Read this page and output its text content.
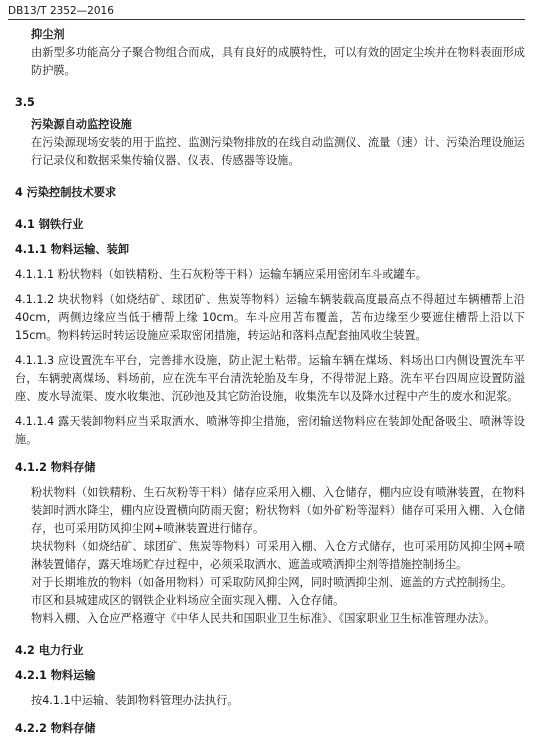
DB13/T 2352—2016

抑尘剂

由新型多功能高分子聚合物组合而成，具有良好的成膜特性，可以有效的固定尘埃并在物料表面形成防护膜。

3.5

污染源自动监控设施

在污染源现场安装的用于监控、监测污染物排放的在线自动监测仪、流量（速）计、污染治理设施运行记录仪和数据采集传输仪器、仪表、传感器等设施。

4 污染控制技术要求

4.1 钢铁行业

4.1.1 物料运输、装卸

4.1.1.1 粉状物料（如铁精粉、生石灰粉等干料）运输车辆应采用密闭车斗或罐车。

4.1.1.2 块状物料（如烧结矿、球团矿、焦炭等物料）运输车辆装载高度最高点不得超过车辆槽帮上沿 40cm，两侧边缘应当低于槽帮上缘 10cm。车斗应用苫布覆盖，苫布边缘至少要遮住槽帮上沿以下 15cm。物料转运时转运设施应采取密闭措施，转运站和落料点配套抽风收尘装置。

4.1.1.3 应设置洗车平台，完善排水设施，防止泥土粘带。运输车辆在煤场、料场出口内侧设置洗车平台，车辆驶离煤场、料场前，应在洗车平台清洗轮胎及车身，不得带泥上路。洗车平台四周应设置防溢座、废水导流渠、废水收集池、沉砂池及其它防治设施，收集洗车以及降水过程中产生的废水和泥浆。

4.1.1.4 露天装卸物料应当采取洒水、喷淋等抑尘措施，密闭输送物料应在装卸处配备吸尘、喷淋等设施。

4.1.2 物料存储

粉状物料（如铁精粉、生石灰粉等干料）储存应采用入棚、入仓储存，棚内应设有喷淋装置，在物料装卸时洒水降尘，棚内应设置横向防雨天窗；粉状物料（如外矿粉等湿料）储存可采用入棚、入仓储存，也可采用防风抑尘网+喷淋装置进行储存。

块状物料（如烧结矿、球团矿、焦炭等物料）可采用入棚、入仓方式储存，也可采用防风抑尘网+喷淋装置储存，露天堆场贮存过程中，必须采取洒水、遮盖或喷洒抑尘剂等措施控制扬尘。

对于长期堆放的物料（如备用物料）可采取防风抑尘网，同时喷洒抑尘剂、遮盖的方式控制扬尘。

市区和县城建成区的钢铁企业料场应全面实现入棚、入仓存储。

物料入棚、入仓应严格遵守《中华人民共和国职业卫生标准》、《国家职业卫生标准管理办法》。

4.2 电力行业

4.2.1 物料运输

按4.1.1中运输、装卸物料管理办法执行。

4.2.2 物料存储
